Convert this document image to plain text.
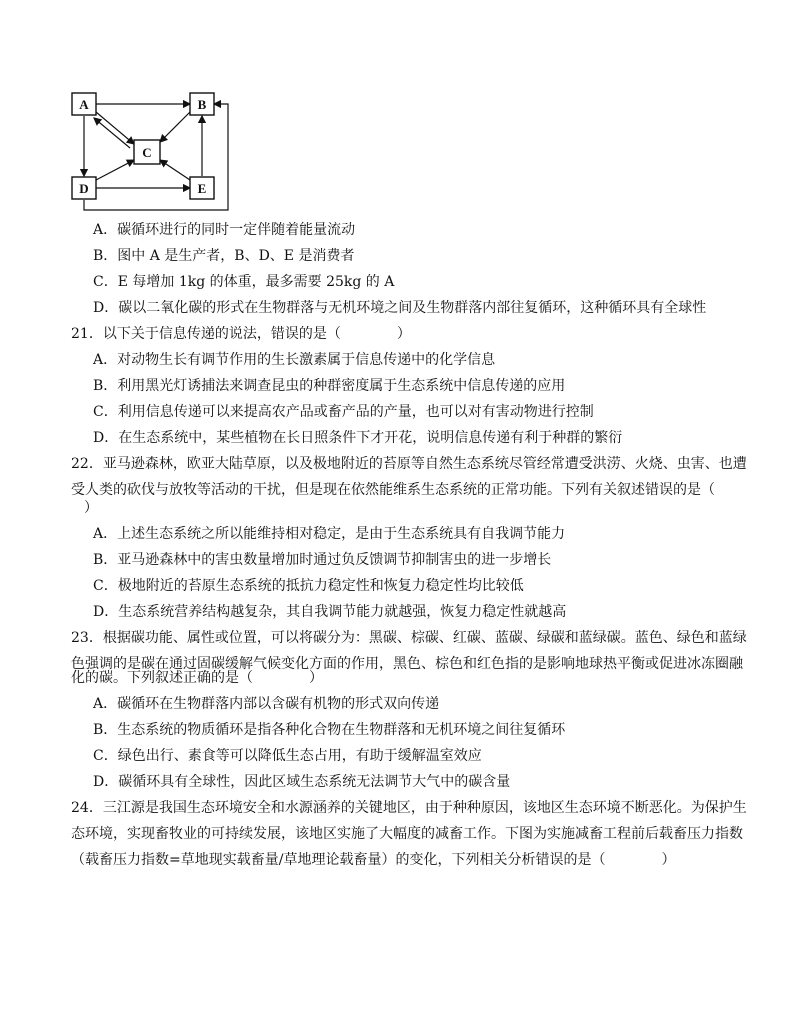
A	B
C
D	E
A．碳循环进行的同时一定伴随着能量流动
B．图中 A 是生产者，B、D、E 是消费者
C．E 每增加 1kg 的体重，最多需要 25kg 的 A
D．碳以二氧化碳的形式在生物群落与无机环境之间及生物群落内部往复循环，这种循环具有全球性
21．以下关于信息传递的说法，错误的是（　　　　）
A．对动物生长有调节作用的生长激素属于信息传递中的化学信息
B．利用黑光灯诱捕法来调查昆虫的种群密度属于生态系统中信息传递的应用
C．利用信息传递可以来提高农产品或畜产品的产量，也可以对有害动物进行控制
D．在生态系统中，某些植物在长日照条件下才开花，说明信息传递有利于种群的繁衍
22．亚马逊森林，欧亚大陆草原，以及极地附近的苔原等自然生态系统尽管经常遭受洪涝、火烧、虫害、也遭
受人类的砍伐与放牧等活动的干扰，但是现在依然能维系生态系统的正常功能。下列有关叙述错误的是（
）
A．上述生态系统之所以能维持相对稳定，是由于生态系统具有自我调节能力
B．亚马逊森林中的害虫数量增加时通过负反馈调节抑制害虫的进一步增长
C．极地附近的苔原生态系统的抵抗力稳定性和恢复力稳定性均比较低
D．生态系统营养结构越复杂，其自我调节能力就越强，恢复力稳定性就越高
23．根据碳功能、属性或位置，可以将碳分为：黑碳、棕碳、红碳、蓝碳、绿碳和蓝绿碳。蓝色、绿色和蓝绿
色强调的是碳在通过固碳缓解气候变化方面的作用，黑色、棕色和红色指的是影响地球热平衡或促进冰冻圈融
化的碳。下列叙述正确的是（　　　　）
A．碳循环在生物群落内部以含碳有机物的形式双向传递
B．生态系统的物质循环是指各种化合物在生物群落和无机环境之间往复循环
C．绿色出行、素食等可以降低生态占用，有助于缓解温室效应
D．碳循环具有全球性，因此区域生态系统无法调节大气中的碳含量
24．三江源是我国生态环境安全和水源涵养的关键地区，由于种种原因，该地区生态环境不断恶化。为保护生
态环境，实现畜牧业的可持续发展，该地区实施了大幅度的减畜工作。下图为实施减畜工程前后载畜压力指数
（载畜压力指数=草地现实载畜量/草地理论载畜量）的变化，下列相关分析错误的是（　　　　）
